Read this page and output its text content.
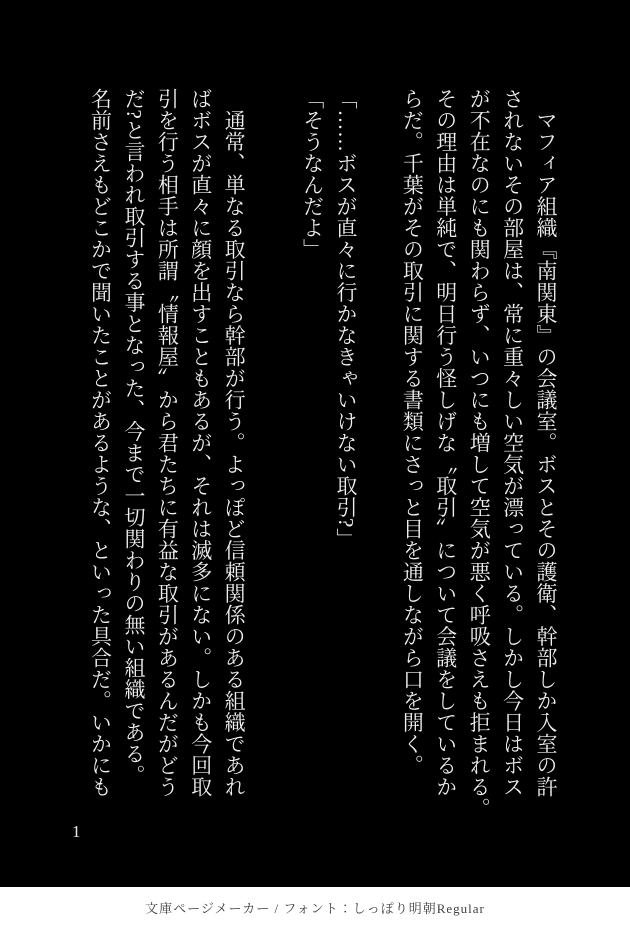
　マフィア組織『南関東』の会議室。ボスとその護衛、幹部しか入室の許

されないその部屋は、常に重々しい空気が漂っている。しかし今日はボス

が不在なのにも関わらず、いつにも増して空気が悪く呼吸さえも拒まれる。

その理由は単純で、明日行う怪しげな〝取引〟について会議をしているか

らだ。千葉がその取引に関する書類にさっと目を通しながら口を開く。

「……ボスが直々に行かなきゃいけない取引?」

「そうなんだよ」

　通常、単なる取引なら幹部が行う。よっぽど信頼関係のある組織であれ

ばボスが直々に顔を出すこともあるが、それは滅多にない。しかも今回取

引を行う相手は所謂〝情報屋〟から君たちに有益な取引があるんだがどう

だ?と言われ取引する事となった、今まで一切関わりの無い組織である。

名前さえもどこかで聞いたことがあるような、といった具合だ。いかにも

1
文庫ページメーカー / フォント：しっぽり明朝Regular
